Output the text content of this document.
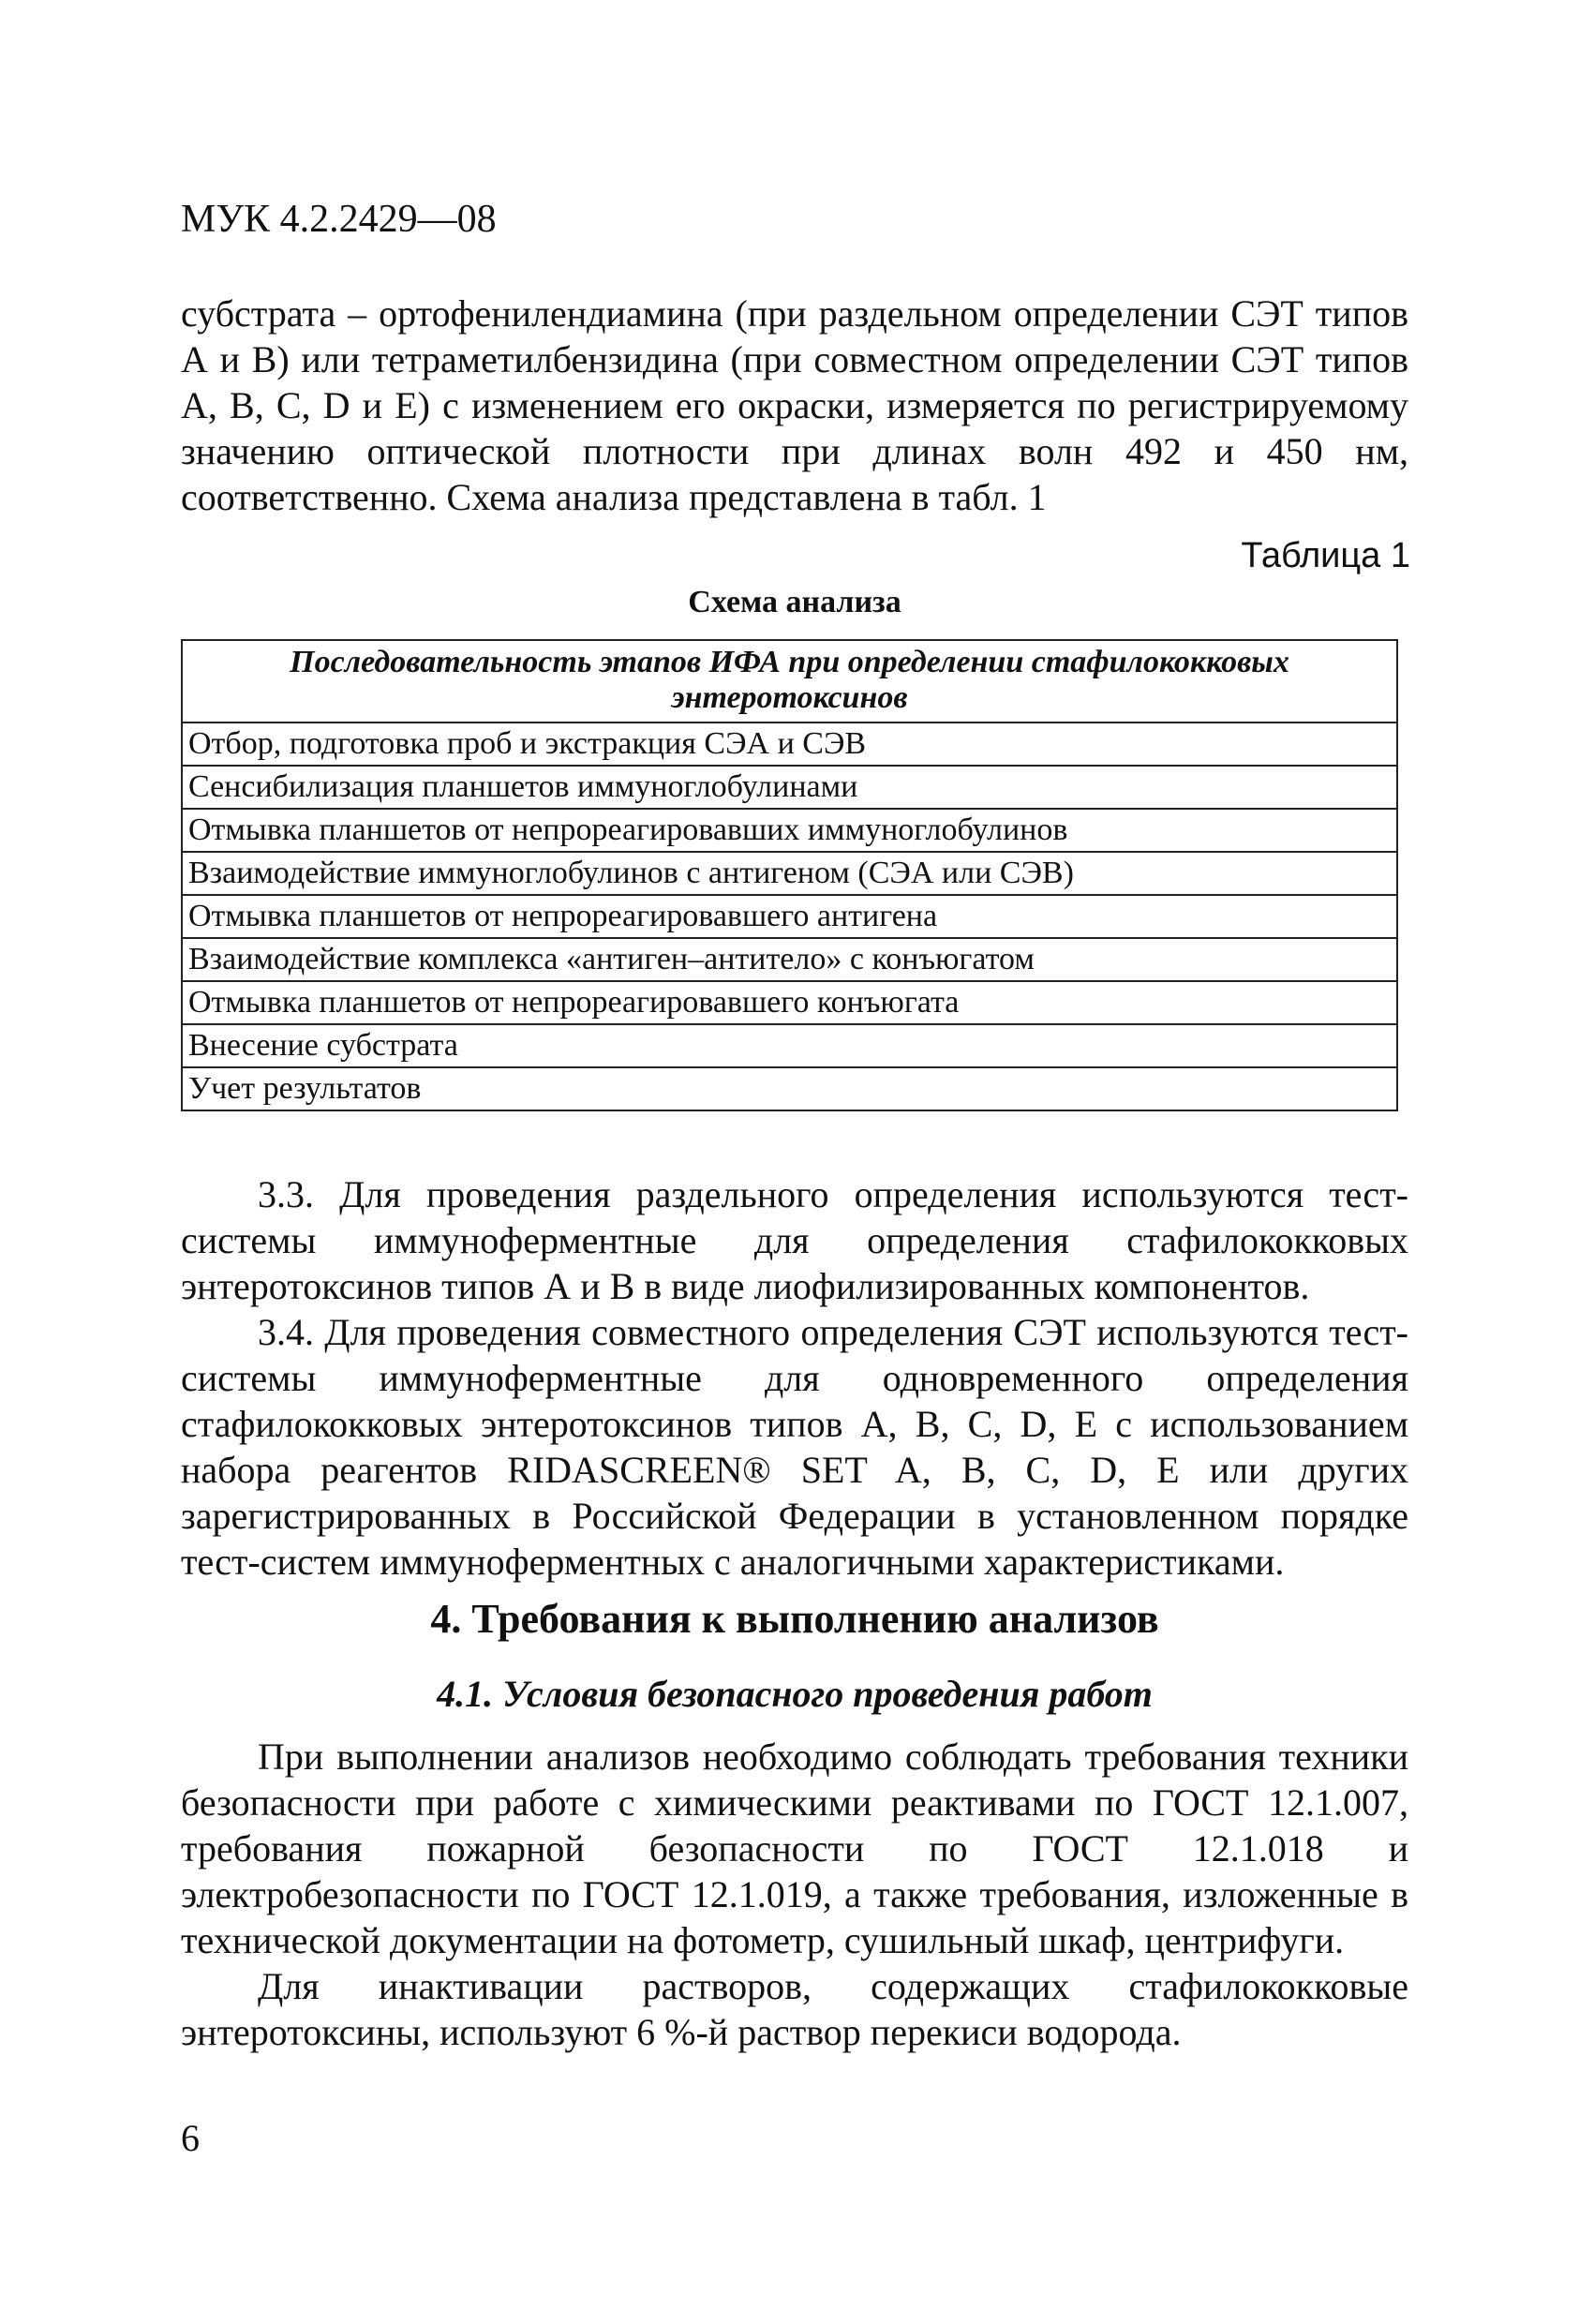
МУК 4.2.2429—08

субстрата – ортофенилендиамина (при раздельном определении СЭТ типов А и В) или тетраметилбензидина (при совместном определении СЭТ типов А, В, С, D и Е) с изменением его окраски, измеряется по регистрируемому значению оптической плотности при длинах волн 492 и 450 нм, соответственно. Схема анализа представлена в табл. 1

Таблица 1
Схема анализа
Последовательность этапов ИФА при определении стафилококковых энтеротоксинов
Отбор, подготовка проб и экстракция СЭА и СЭВ
Сенсибилизация планшетов иммуноглобулинами
Отмывка планшетов от непрореагировавших иммуноглобулинов
Взаимодействие иммуноглобулинов с антигеном (СЭА или СЭВ)
Отмывка планшетов от непрореагировавшего антигена
Взаимодействие комплекса «антиген–антитело» с конъюгатом
Отмывка планшетов от непрореагировавшего конъюгата
Внесение субстрата
Учет результатов

3.3. Для проведения раздельного определения используются тест-системы иммуноферментные для определения стафилококковых энтеротоксинов типов А и В в виде лиофилизированных компонентов.

3.4. Для проведения совместного определения СЭТ используются тест-системы иммуноферментные для одновременного определения стафилококковых энтеротоксинов типов А, В, С, D, Е с использованием набора реагентов RIDASCREEN® SET A, B, C, D, E или других зарегистрированных в Российской Федерации в установленном порядке тест-систем иммуноферментных с аналогичными характеристиками.

4. Требования к выполнению анализов
4.1. Условия безопасного проведения работ

При выполнении анализов необходимо соблюдать требования техники безопасности при работе с химическими реактивами по ГОСТ 12.1.007, требования пожарной безопасности по ГОСТ 12.1.018 и электробезопасности по ГОСТ 12.1.019, а также требования, изложенные в технической документации на фотометр, сушильный шкаф, центрифуги.

Для инактивации растворов, содержащих стафилококковые энтеротоксины, используют 6 %-й раствор перекиси водорода.

6
